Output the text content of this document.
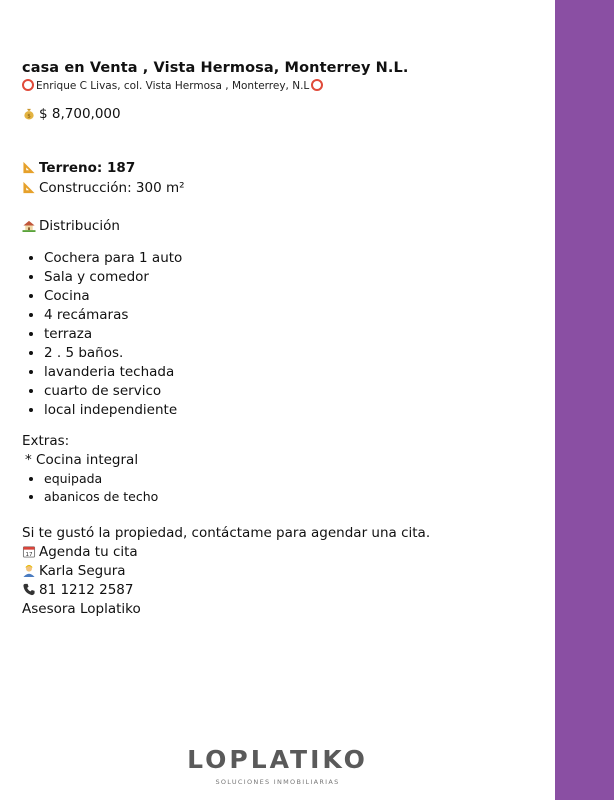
casa en Venta , Vista Hermosa, Monterrey N.L.
Enrique C Livas, col. Vista Hermosa , Monterrey, N.L
$ $ 8,700,000
Terreno: 187
Construcción: 300 m²
Distribución
• Cochera para 1 auto
• Sala y comedor
• Cocina
• 4 recámaras
• terraza
• 2 . 5 baños.
• lavanderia techada
• cuarto de servico
• local independiente
Extras:
* Cocina integral
• equipada
• abanicos de techo
Si te gustó la propiedad, contáctame para agendar una cita.
17 Agenda tu cita
Karla Segura
81 1212 2587
Asesora Loplatiko
LOPLATIKO
SOLUCIONES INMOBILIARIAS
